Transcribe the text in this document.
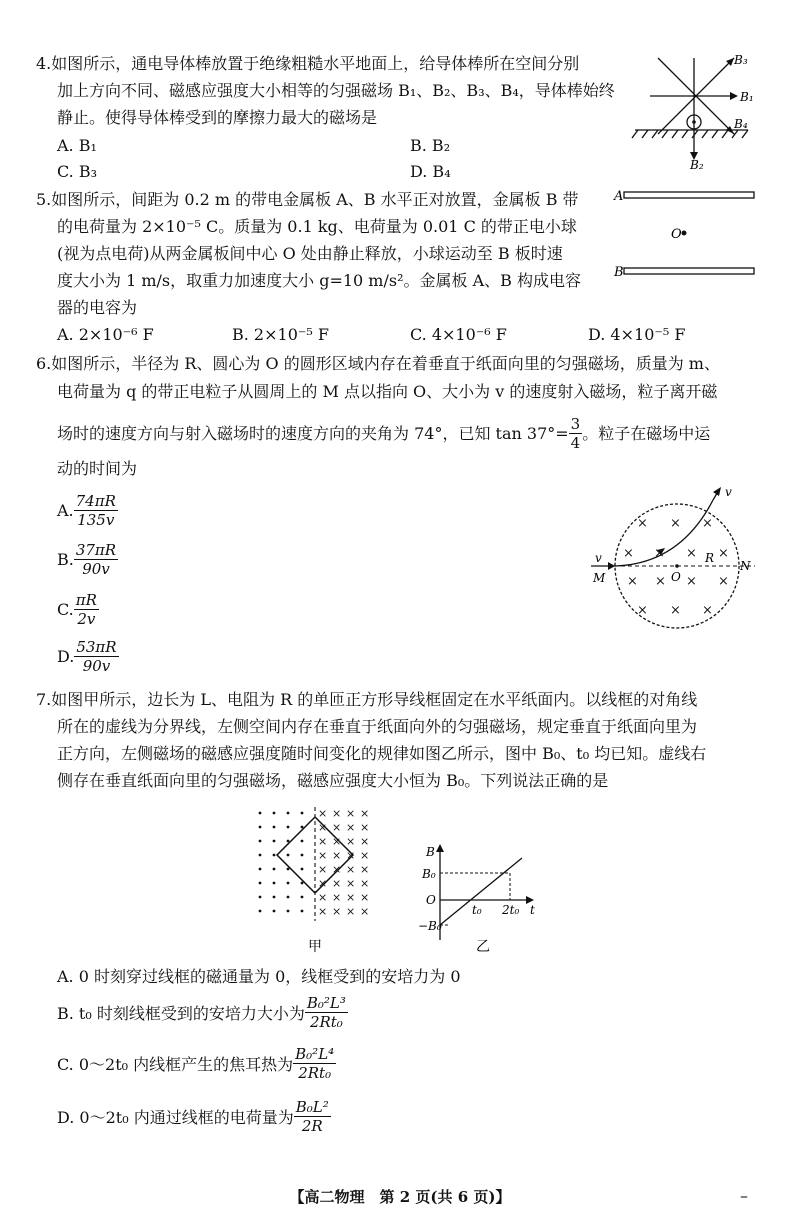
4.如图所示，通电导体棒放置于绝缘粗糙水平地面上，给导体棒所在空间分别
加上方向不同、磁感应强度大小相等的匀强磁场 B₁、B₂、B₃、B₄，导体棒始终
静止。使得导体棒受到的摩擦力最大的磁场是
A. B₁	B. B₂
C. B₃	D. B₄
B₃
B₁
B₄
B₂
5.如图所示，间距为 0.2 m 的带电金属板 A、B 水平正对放置，金属板 B 带
的电荷量为 2×10⁻⁵ C。质量为 0.1 kg、电荷量为 0.01 C 的带正电小球
(视为点电荷)从两金属板间中心 O 处由静止释放，小球运动至 B 板时速
度大小为 1 m/s，取重力加速度大小 g=10 m/s²。金属板 A、B 构成电容
器的电容为
A. 2×10⁻⁶ F	B. 2×10⁻⁵ F	C. 4×10⁻⁶ F	D. 4×10⁻⁵ F
A
O
B
6.如图所示，半径为 R、圆心为 O 的圆形区域内存在着垂直于纸面向里的匀强磁场，质量为 m、
电荷量为 q 的带正电粒子从圆周上的 M 点以指向 O、大小为 v 的速度射入磁场，粒子离开磁
场时的速度方向与射入磁场时的速度方向的夹角为 74°，已知 $\tan 37^\circ= \frac{3}{4}$ 。粒子在磁场中运
动的时间为
A. $\frac{74\pi R}{135v}$
B. $\frac{37\pi R}{90v}$
C. $\frac{\pi R}{2v}$
D. $\frac{53\pi R}{90v}$
× × ×
× × × ×
× × × ×
× × ×
v
v	R
M	O
N
7.如图甲所示，边长为 L、电阻为 R 的单匝正方形导线框固定在水平纸面内。以线框的对角线
所在的虚线为分界线，左侧空间内存在垂直于纸面向外的匀强磁场，规定垂直于纸面向里为
正方向，左侧磁场的磁感应强度随时间变化的规律如图乙所示，图中 B₀、t₀ 均已知。虚线右
侧存在垂直纸面向里的匀强磁场，磁感应强度大小恒为 B₀。下列说法正确的是
× × × ×
× × × ×
× × × ×
× × × ×
× × × ×
× × × ×
× × × ×
× × × ×
甲
B
B₀
O
−B₀
t₀ 2t₀ t
乙
A. 0 时刻穿过线框的磁通量为 0，线框受到的安培力为 0
B. t₀ 时刻线框受到的安培力大小为 $\frac{\text{B₀²L³}}{\text{2Rt₀}}$
C. 0～2t₀ 内线框产生的焦耳热为 $\frac{\text{B₀²L⁴}}{\text{2Rt₀}}$
D. 0～2t₀ 内通过线框的电荷量为 $\frac{\text{B₀L²}}{2R}$
【高二物理　第 2 页(共 6 页)】	–
